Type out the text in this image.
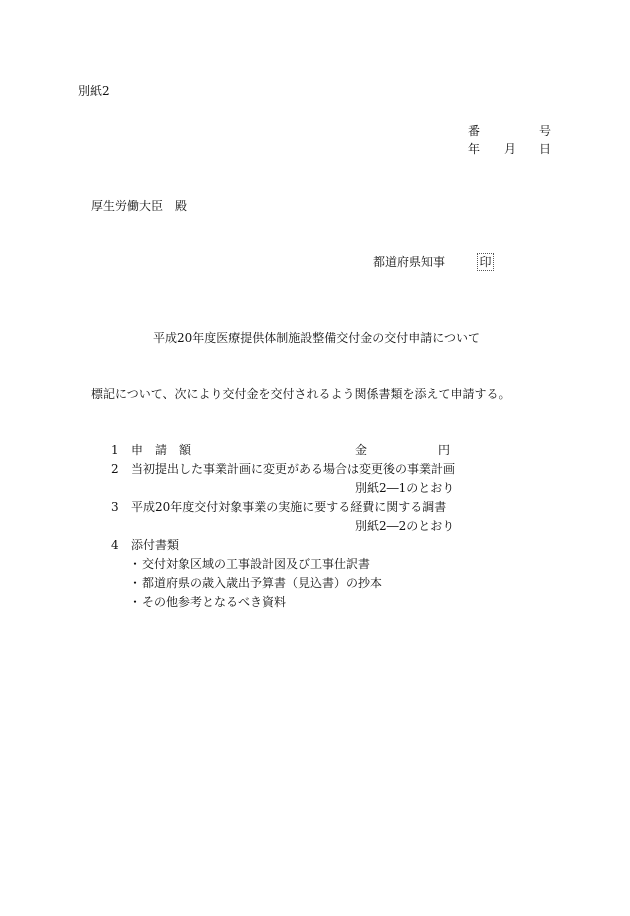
別紙2
番	号
年 月 日
厚生労働大臣　殿
都道府県知事	印
平成20年度医療提供体制施設整備交付金の交付申請について
標記について、次により交付金を交付されるよう関係書類を添えて申請する。
1 申　請　額	金	円
2 当初提出した事業計画に変更がある場合は変更後の事業計画
別紙2―1のとおり
3 平成20年度交付対象事業の実施に要する経費に関する調書
別紙2―2のとおり
4 添付書類
・交付対象区域の工事設計図及び工事仕訳書
・都道府県の歳入歳出予算書（見込書）の抄本
・その他参考となるべき資料
